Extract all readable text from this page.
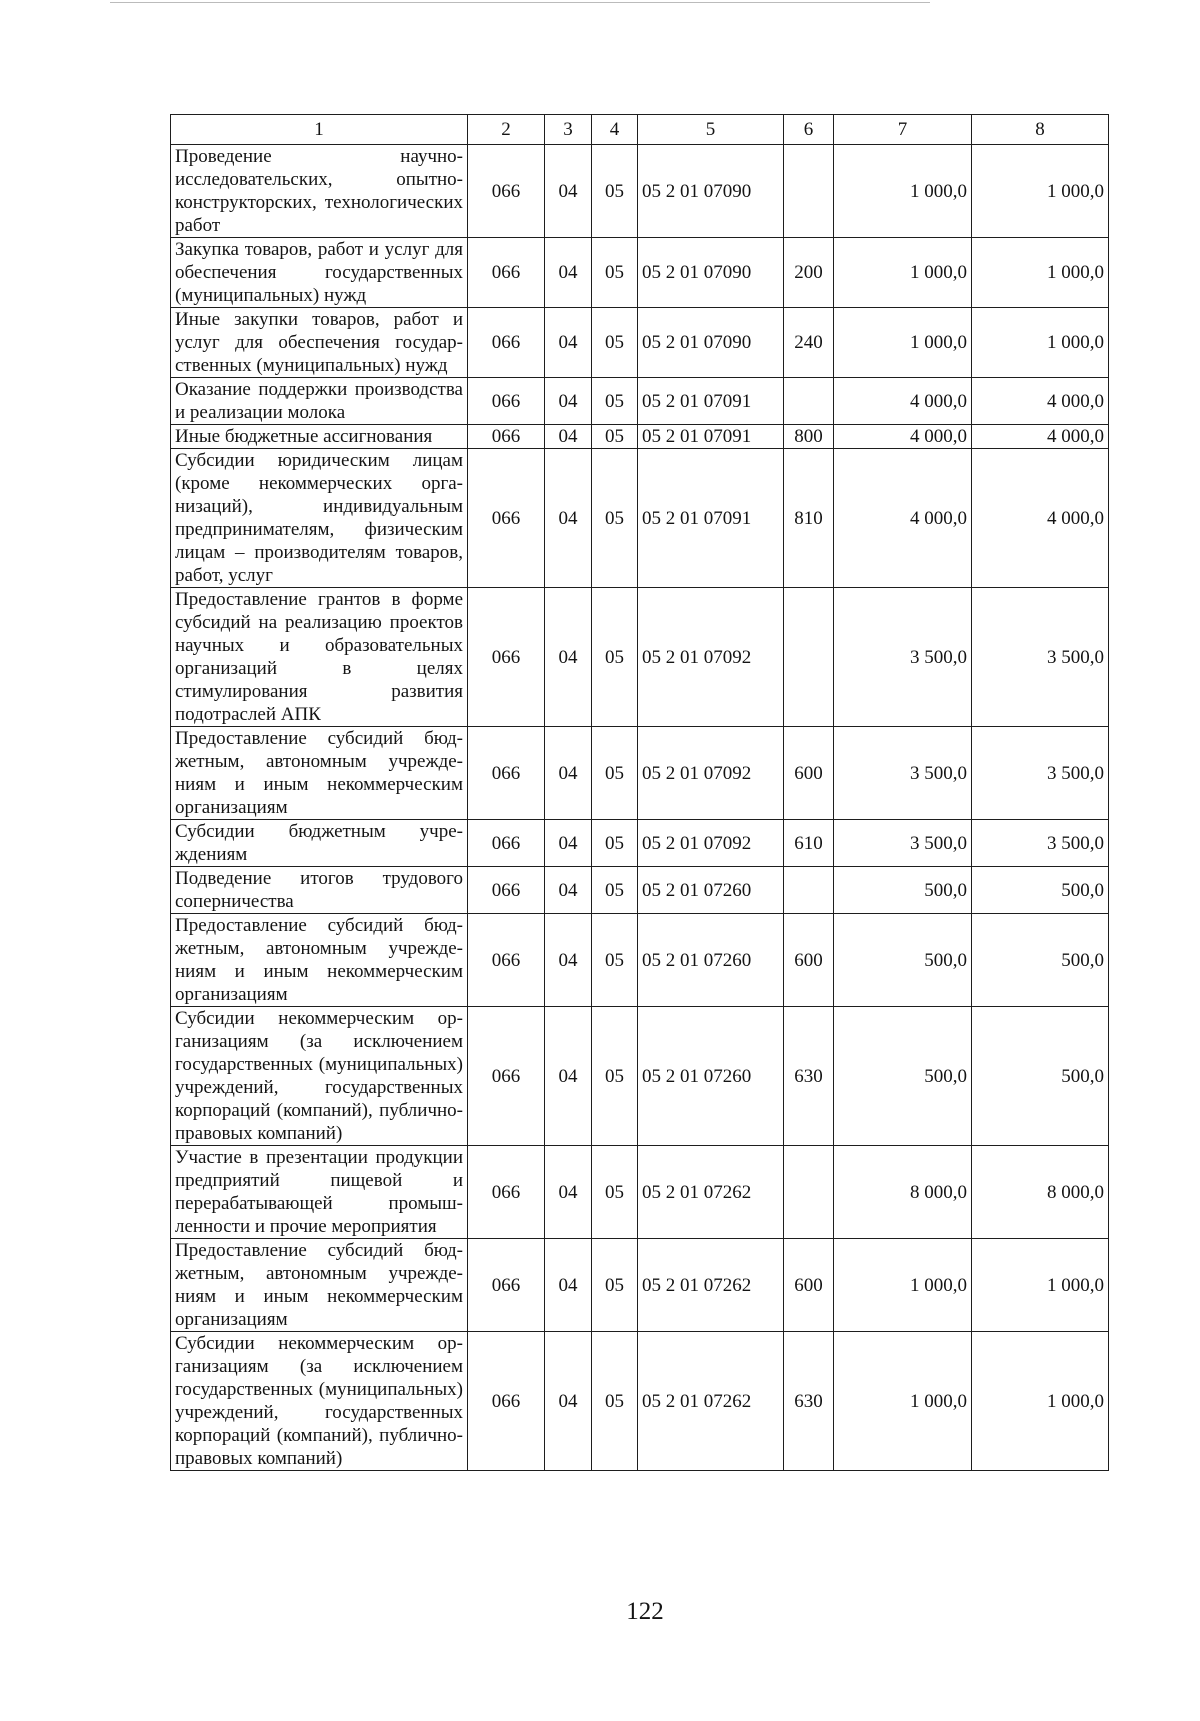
1	2	3	4	5	6	7	8
Проведение научно-исследовательских, опытно-конструкторских, технологических работ	066	04	05	05 2 01 07090		1 000,0	1 000,0
Закупка товаров, работ и услуг для обеспечения государственных (муниципальных) нужд	066	04	05	05 2 01 07090	200	1 000,0	1 000,0
Иные закупки товаров, работ и услуг для обеспечения государственных (муниципальных) нужд	066	04	05	05 2 01 07090	240	1 000,0	1 000,0
Оказание поддержки производства и реализации молока	066	04	05	05 2 01 07091		4 000,0	4 000,0
Иные бюджетные ассигнования	066	04	05	05 2 01 07091	800	4 000,0	4 000,0
Субсидии юридическим лицам (кроме некоммерческих организаций), индивидуальным предпринимателям, физическим лицам – производителям товаров, работ, услуг	066	04	05	05 2 01 07091	810	4 000,0	4 000,0
Предоставление грантов в форме субсидий на реализацию проектов научных и образовательных организаций в целях стимулирования развития подотраслей АПК	066	04	05	05 2 01 07092		3 500,0	3 500,0
Предоставление субсидий бюджетным, автономным учреждениям и иным некоммерческим организациям	066	04	05	05 2 01 07092	600	3 500,0	3 500,0
Субсидии бюджетным учреждениям	066	04	05	05 2 01 07092	610	3 500,0	3 500,0
Подведение итогов трудового соперничества	066	04	05	05 2 01 07260		500,0	500,0
Предоставление субсидий бюджетным, автономным учреждениям и иным некоммерческим организациям	066	04	05	05 2 01 07260	600	500,0	500,0
Субсидии некоммерческим организациям (за исключением государственных (муниципальных) учреждений, государственных корпораций (компаний), публично-правовых компаний)	066	04	05	05 2 01 07260	630	500,0	500,0
Участие в презентации продукции предприятий пищевой и перерабатывающей промышленности и прочие мероприятия	066	04	05	05 2 01 07262		8 000,0	8 000,0
Предоставление субсидий бюджетным, автономным учреждениям и иным некоммерческим организациям	066	04	05	05 2 01 07262	600	1 000,0	1 000,0
Субсидии некоммерческим организациям (за исключением государственных (муниципальных) учреждений, государственных корпораций (компаний), публично-правовых компаний)	066	04	05	05 2 01 07262	630	1 000,0	1 000,0
122
